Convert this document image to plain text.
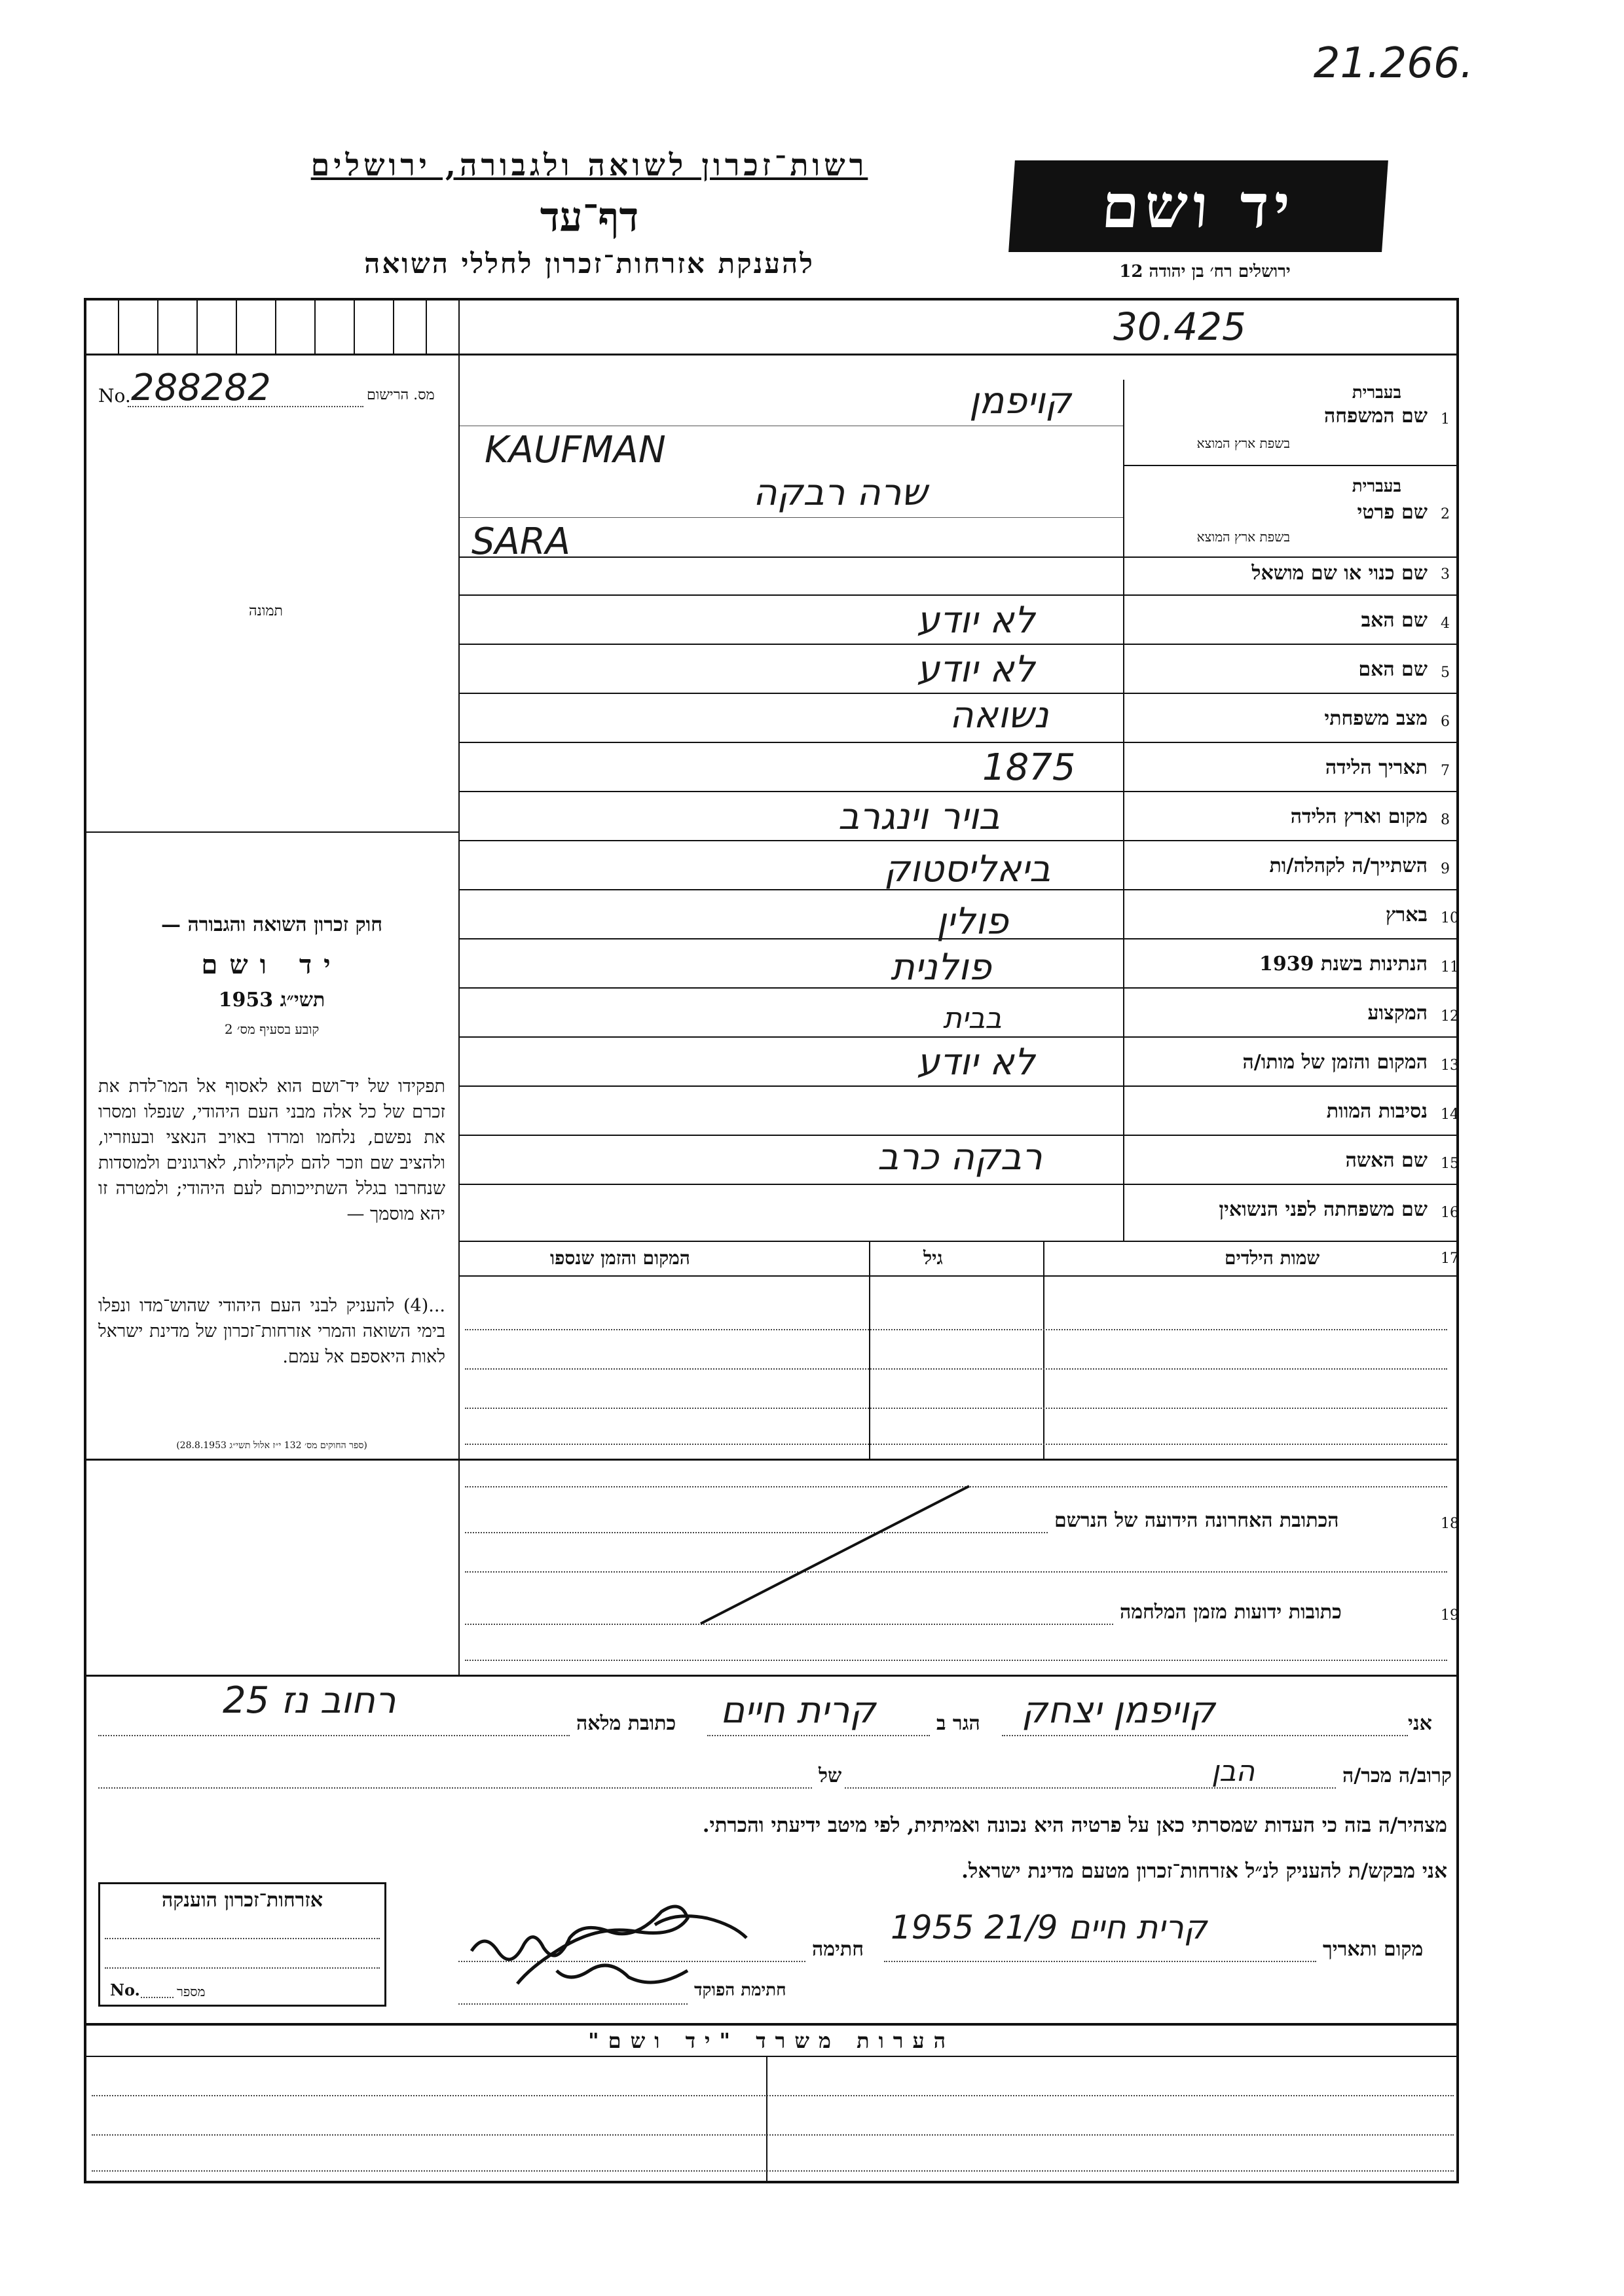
21.266.
רשות־זכרון לשואה ולגבורה, ירושלים
דף־עד
להענקת אזרחות־זכרון לחללי השואה
יד ושם
ירושלים רח׳ בן יהודה 12
30.425
מס. הרישום
No. 288282
תמונה
1
שם המשפחה
בעברית
בשפת ארץ המוצא
קויפמן
KAUFMAN
2
שם פרטי
בעברית
בשפת ארץ המוצא
שרה רבקה
SARA
3
שם כנוי או שם מושאל
4
שם האב
לא יודע
5
שם האם
לא יודע
6
מצב משפחתי
נשואה
7
תאריך הלידה
1875
8
מקום וארץ הלידה
בויר וינגרב
9
השתייך/ה לקהלה/ות
ביאליסטוק
10
בארץ
פולין
11
הנתינות בשנת 1939
פולנית
12
המקצוע
בבית
13
המקום והזמן של מותו/ה
לא יודע
14
נסיבות המוות
15
שם האשה
רבקה כרב
16
שם משפחתה לפני הנשואין
חוק זכרון השואה והגבורה —
יד ושם
תשי״ג 1953
קובע בסעיף מס׳ 2
תפקידו של יד־ושם הוא לאסוף אל המו־לדת את זכרם של כל אלה מבני העם היהודי, שנפלו ומסרו את נפשם, נלחמו ומרדו באויב הנאצי ובעוזריו, ולהציב שם וזכר להם לקהילות, לארגונים ולמוסדות שנחרבו בגלל השתייכותם לעם היהודי; ולמטרה זו יהא מוסמך —
...(4) להעניק לבני העם היהודי שהוש־מדו ונפלו בימי השואה והמרי אזרחות־זכרון של מדינת ישראל לאות היאספם אל עמם.
(ספר החוקים מס׳ 132 י״ז אלול תשי״ג 28.8.1953)
17
שמות הילדים
גיל
המקום והזמן שנספו
18
הכתובת האחרונה הידועה של הנרשם
19
כתובות ידועות מזמן המלחמה
אני
קויפמן יצחק
הגר ב
קרית חיים
כתובת מלאה
רחוב נז 25
קרוב/ה מכר/ה
הבן
של
מצהיר/ה בזה כי העדות שמסרתי כאן על פרטיה היא נכונה ואמיתית, לפי מיטב ידיעתי והכרתי.
אני מבקש/ת להעניק לנ״ל אזרחות־זכרון מטעם מדינת ישראל.
מקום ותאריך
קרית חיים 21/9 1955
חתימה
חתימת הפוקד
אזרחות־זכרון הוענקה
No.	מספר
הערות משרד "יד ושם"
